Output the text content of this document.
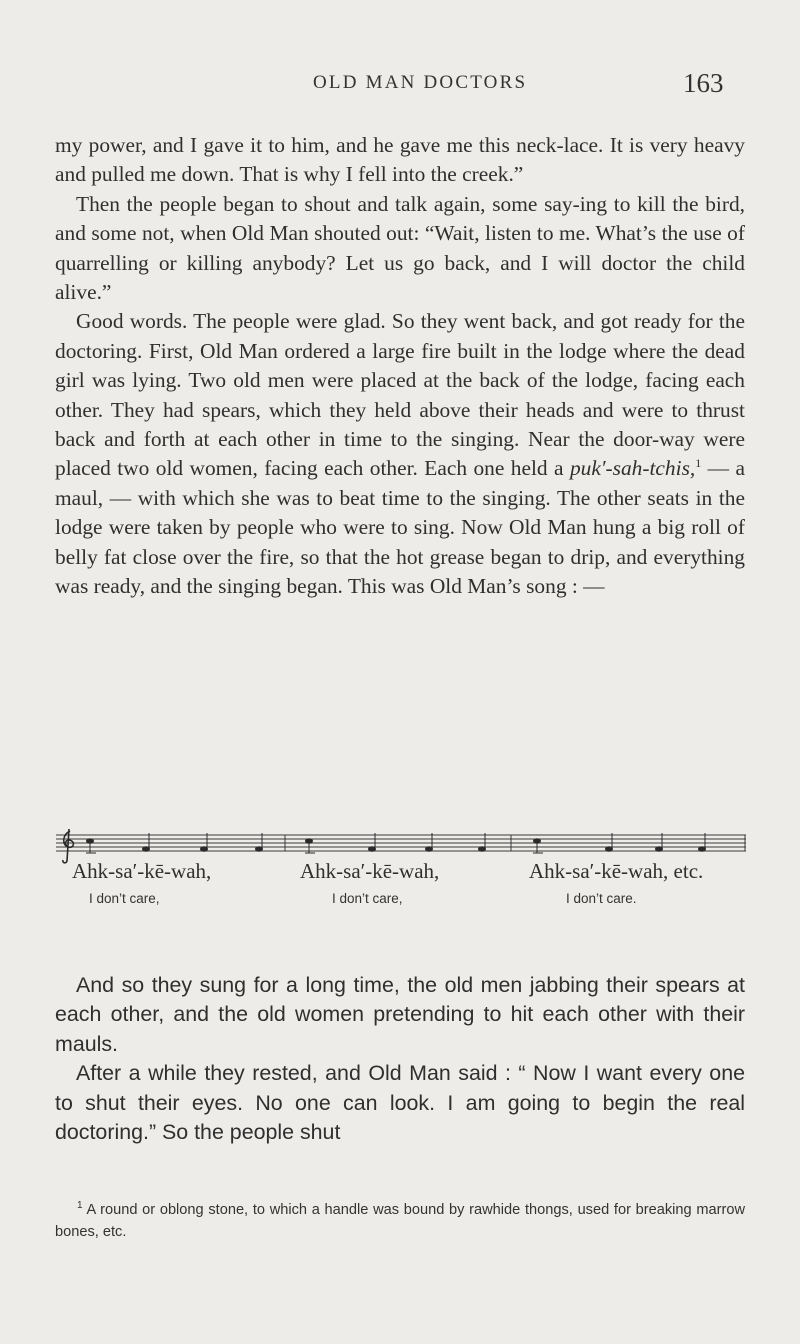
OLD MAN DOCTORS	163

my power, and I gave it to him, and he gave me this neck-lace. It is very heavy and pulled me down. That is why I fell into the creek.”

Then the people began to shout and talk again, some say-ing to kill the bird, and some not, when Old Man shouted out: “Wait, listen to me. What’s the use of quarrelling or killing anybody? Let us go back, and I will doctor the child alive.”

Good words. The people were glad. So they went back, and got ready for the doctoring. First, Old Man ordered a large fire built in the lodge where the dead girl was lying. Two old men were placed at the back of the lodge, facing each other. They had spears, which they held above their heads and were to thrust back and forth at each other in time to the singing. Near the door-way were placed two old women, facing each other. Each one held a puk′-sah-tchis,$^1$ — a maul, — with which she was to beat time to the singing. The other seats in the lodge were taken by people who were to sing. Now Old Man hung a big roll of belly fat close over the fire, so that the hot grease began to drip, and everything was ready, and the singing began. This was Old Man’s song : —

Ahk-sa′-kē-wah,	Ahk-sa′-kē-wah,	Ahk-sa′-kē-wah, etc.
I don’t care,	I don’t care,	I don’t care.

And so they sung for a long time, the old men jabbing their spears at each other, and the old women pretending to hit each other with their mauls.

After a while they rested, and Old Man said : “ Now I want every one to shut their eyes. No one can look. I am going to begin the real doctoring.” So the people shut

$^1$ A round or oblong stone, to which a handle was bound by rawhide thongs, used for breaking marrow bones, etc.
